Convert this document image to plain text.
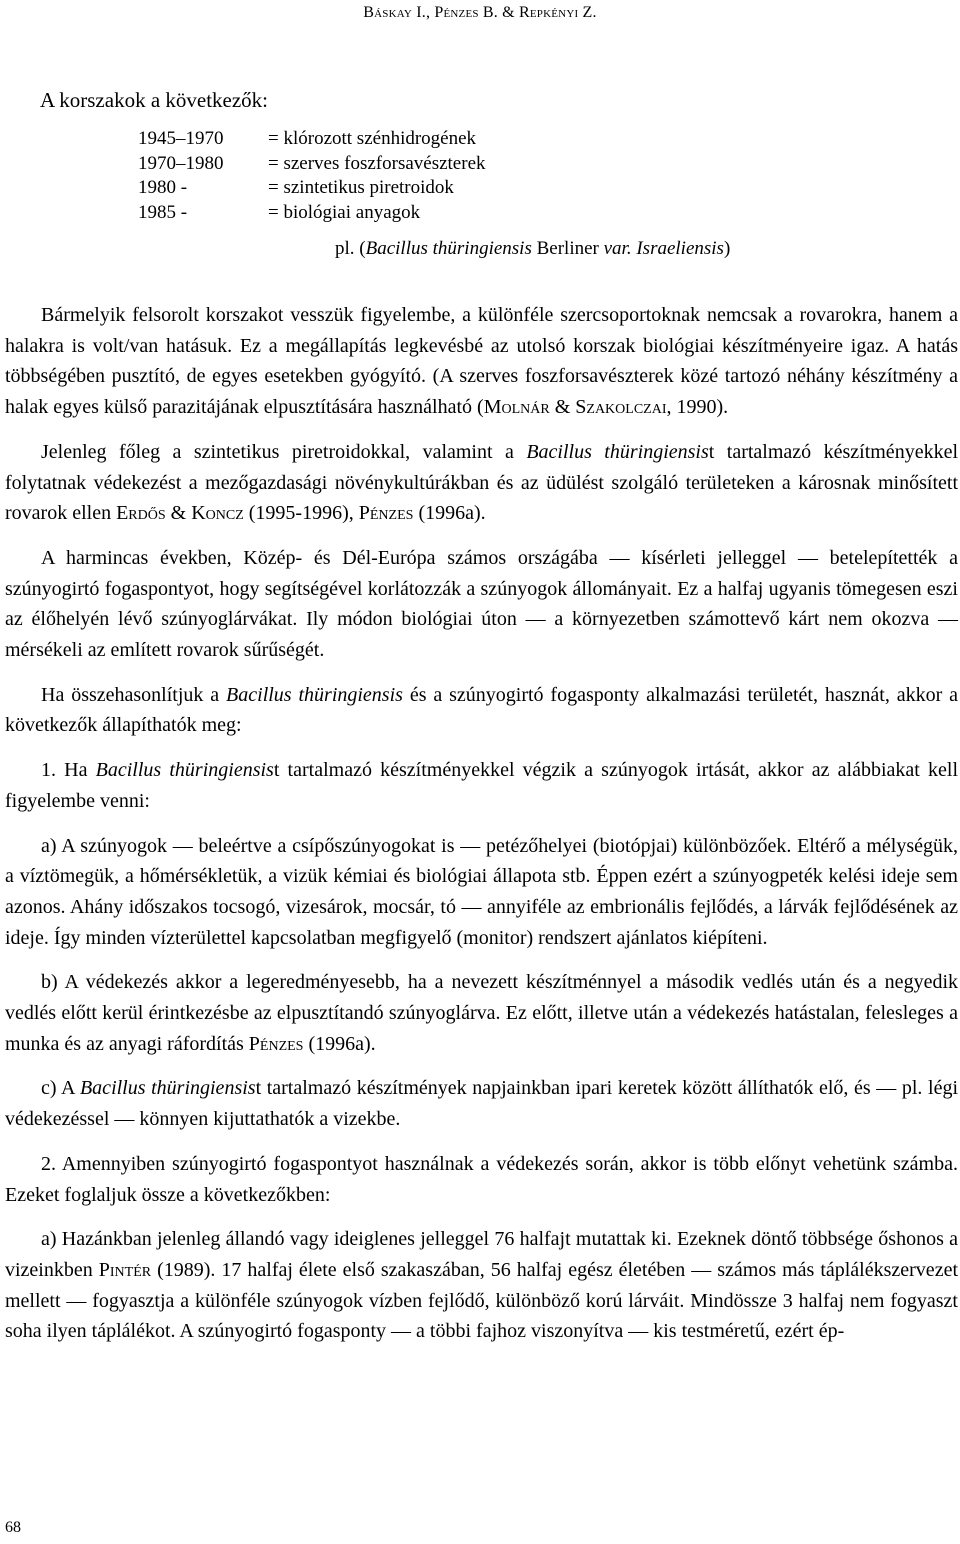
Báskay I., Pénzes B. & Repkényi Z.
A korszakok a következők:
1945–1970	= klórozott szénhidrogének
1970–1980	= szerves foszforsavészterek
1980 -	= szintetikus piretroidok
1985 -	= biológiai anyagok
pl. (Bacillus thüringiensis Berliner var. Israeliensis)

Bármelyik felsorolt korszakot vesszük figyelembe, a különféle szercsoportoknak nemcsak a rovarokra, hanem a halakra is volt/van hatásuk. Ez a megállapítás legkevésbé az utolsó korszak biológiai készítményeire igaz. A hatás többségében pusztító, de egyes esetekben gyógyító. (A szerves foszforsavészterek közé tartozó néhány készítmény a halak egyes külső parazitájának elpusztítására használható (Molnár & Szakolczai, 1990).

Jelenleg főleg a szintetikus piretroidokkal, valamint a Bacillus thüringiensist tartalmazó készítményekkel folytatnak védekezést a mezőgazdasági növénykultúrákban és az üdülést szolgáló területeken a károsnak minősített rovarok ellen Erdős & Koncz (1995-1996), Pénzes (1996a).

A harmincas években, Közép- és Dél-Európa számos országába — kísérleti jelleggel — betelepítették a szúnyogirtó fogaspontyot, hogy segítségével korlátozzák a szúnyogok állományait. Ez a halfaj ugyanis tömegesen eszi az élőhelyén lévő szúnyoglárvákat. Ily módon biológiai úton — a környezetben számottevő kárt nem okozva — mérsékeli az említett rovarok sűrűségét.

Ha összehasonlítjuk a Bacillus thüringiensis és a szúnyogirtó fogasponty alkalmazási területét, hasznát, akkor a következők állapíthatók meg:

1. Ha Bacillus thüringiensist tartalmazó készítményekkel végzik a szúnyogok irtását, akkor az alábbiakat kell figyelembe venni:

a) A szúnyogok — beleértve a csípőszúnyogokat is — petézőhelyei (biotópjai) különbözőek. Eltérő a mélységük, a víztömegük, a hőmérsékletük, a vizük kémiai és biológiai állapota stb. Éppen ezért a szúnyogpeték kelési ideje sem azonos. Ahány időszakos tocsogó, vizesárok, mocsár, tó — annyiféle az embrionális fejlődés, a lárvák fejlődésének az ideje. Így minden vízterülettel kapcsolatban megfigyelő (monitor) rendszert ajánlatos kiépíteni.

b) A védekezés akkor a legeredményesebb, ha a nevezett készítménnyel a második vedlés után és a negyedik vedlés előtt kerül érintkezésbe az elpusztítandó szúnyoglárva. Ez előtt, illetve után a védekezés hatástalan, felesleges a munka és az anyagi ráfordítás Pénzes (1996a).

c) A Bacillus thüringiensist tartalmazó készítmények napjainkban ipari keretek között állíthatók elő, és — pl. légi védekezéssel — könnyen kijuttathatók a vizekbe.

2. Amennyiben szúnyogirtó fogaspontyot használnak a védekezés során, akkor is több előnyt vehetünk számba. Ezeket foglaljuk össze a következőkben:

a) Hazánkban jelenleg állandó vagy ideiglenes jelleggel 76 halfajt mutattak ki. Ezeknek döntő többsége őshonos a vizeinkben Pintér (1989). 17 halfaj élete első szakaszában, 56 halfaj egész életében — számos más táplálékszervezet mellett — fogyasztja a különféle szúnyogok vízben fejlődő, különböző korú lárváit. Mindössze 3 halfaj nem fogyaszt soha ilyen táplálékot. A szúnyogirtó fogasponty — a többi fajhoz viszonyítva — kis testméretű, ezért ép-

68
